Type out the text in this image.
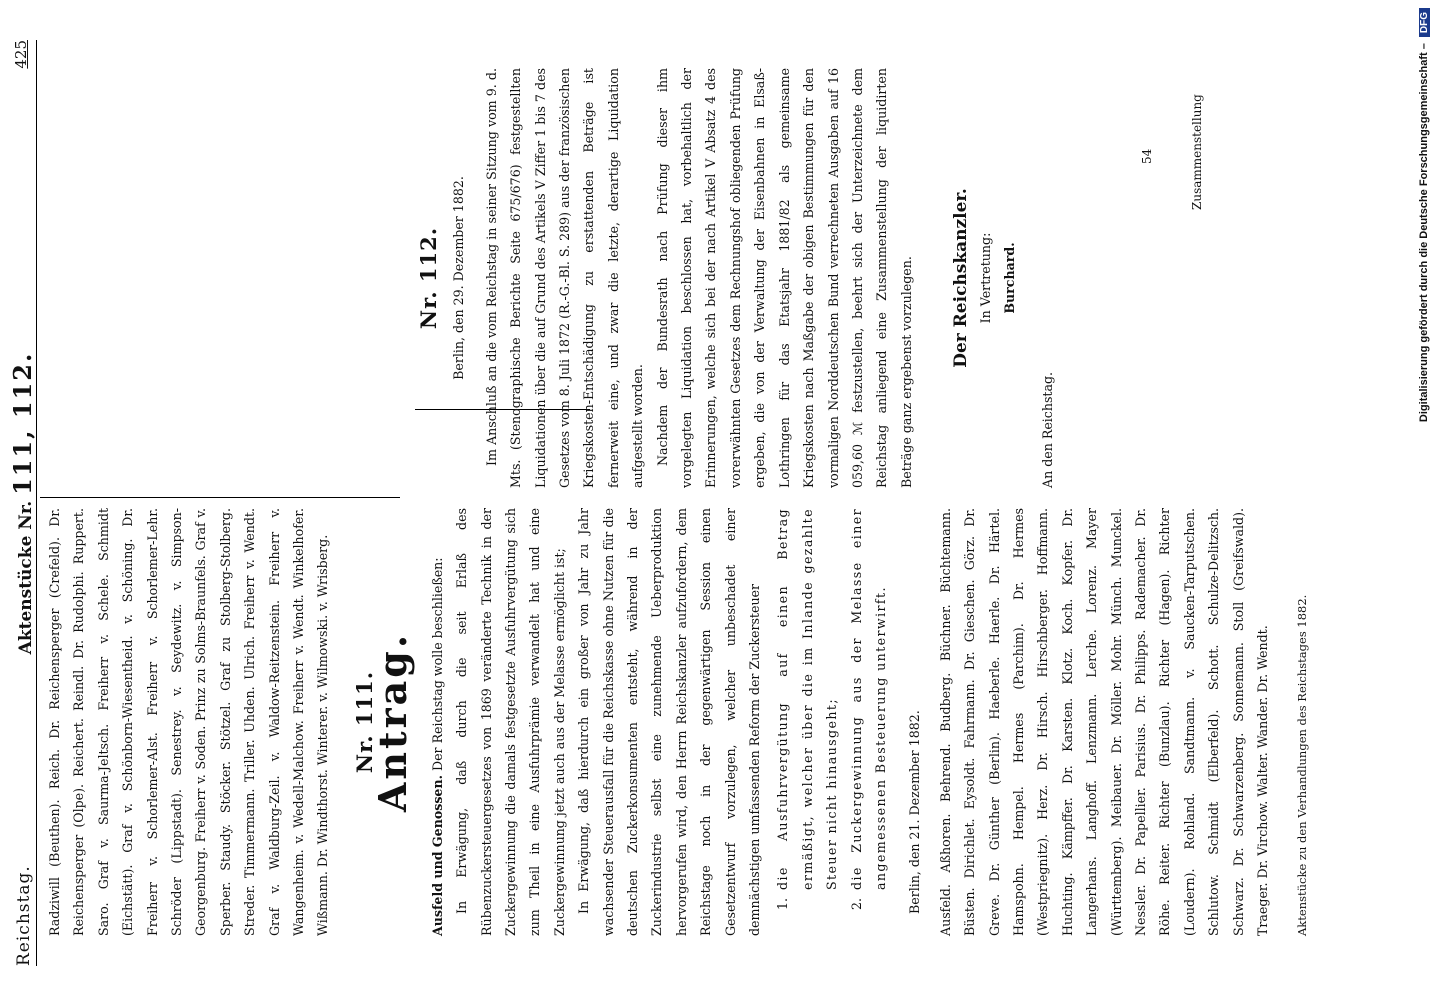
Reichstag.
Aktenstücke Nr. 111, 112.
425

Radziwill (Beuthen). Reich. Dr. Reichensperger (Crefeld). Dr. Reichensperger (Olpe). Reichert. Reindl. Dr. Rudolphi. Ruppert. Saro. Graf v. Saurma-Jeltsch. Freiherr v. Schele. Schmidt (Eichstätt). Graf v. Schönborn-Wiesentheid. v. Schöning. Dr. Freiherr v. Schorlemer-Alst. Freiherr v. Schorlemer-Lehr. Schröder (Lippstadt). Senestrey. v. Seydewitz. v. Simpson-Georgenburg. Freiherr v. Soden. Prinz zu Solms-Braunfels. Graf v. Sperber. Staudy. Stöcker. Stötzel. Graf zu Stolberg-Stolberg. Streder. Timmermann. Triller. Uhden. Ulrich. Freiherr v. Wendt. Graf v. Waldburg-Zeil. v. Waldow-Reitzenstein. Freiherr v. Wangenheim. v. Wedell-Malchow. Freiherr v. Wendt. Winkelhofer. Wißmann. Dr. Windthorst. Winterer. v. Wilmowski. v. Wrisberg. Nr. 111.
Antrag.

Ausfeld und Genossen. Der Reichstag wolle beschließen: In Erwägung, daß durch die seit Erlaß des Rübenzuckersteuergesetzes von 1869 veränderte Technik in der Zuckergewinnung die damals festgesetzte Ausfuhrvergütung sich zum Theil in eine Ausfuhrprämie verwandelt hat und eine Zuckergewinnung jetzt auch aus der Melasse ermöglicht ist; In Erwägung, daß hierdurch ein großer von Jahr zu Jahr wachsender Steuerausfall für die Reichskasse ohne Nutzen für die deutschen Zuckerkonsumenten entsteht, während in der Zuckerindustrie selbst eine zunehmende Ueberproduktion hervorgerufen wird, den Herrn Reichskanzler aufzufordern, dem Reichstage noch in der gegenwärtigen Session einen Gesetzentwurf vorzulegen, welcher unbeschadet einer demnächstigen umfassenden Reform der Zuckersteuer	1.
die Ausfuhrvergütung auf einen Betrag ermäßigt, welcher über die im Inlande gezahlte Steuer nicht hinausgeht;
2.
die Zuckergewinnung aus der Melasse einer angemessenen Besteuerung unterwirft.	Berlin, den 21. Dezember 1882.	Ausfeld. Aßhoren. Behrend. Budberg. Büchner. Büchtemann. Büsten. Dirichlet. Eysoldt. Fahrmann. Dr. Gieschen. Görz. Dr. Greve. Dr. Günther (Berlin). Haeberle. Haerle. Dr. Härtel. Hamspohn. Hempel. Hermes (Parchim). Dr. Hermes (Westpriegnitz). Herz. Dr. Hirsch. Hirschberger. Hoffmann. Huchting. Kämpffer. Dr. Karsten. Klotz. Koch. Kopfer. Dr. Langerhans. Langhoff. Lenzmann. Lerche. Lorenz. Mayer (Württemberg). Meibauer. Dr. Möller. Mohr. Münch. Munckel. Nessler. Dr. Papellier. Parisius. Dr. Philipps. Rademacher. Dr. Röhe. Reiter. Richter (Bunzlau). Richter (Hagen). Richter (Loudern). Rohland. Sandtmann. v. Saucken-Tarputschen. Schlutow. Schmidt (Elberfeld). Schott. Schulze-Delitzsch. Schwarz. Dr. Schwarzenberg. Sonnemann. Stoll (Greifswald). Traeger. Dr. Virchow. Walter. Wander. Dr. Wendt.	Aktenstücke zu den Verhandlungen des Reichstages 1882.

Nr. 112. Berlin, den 29. Dezember 1882.	Im Anschluß an die vom Reichstag in seiner Sitzung vom 9. d. Mts. (Stenographische Berichte Seite 675/676) festgestellten Liquidationen über die auf Grund des Artikels V Ziffer 1 bis 7 des Gesetzes vom 8. Juli 1872 (R.-G.-Bl. S. 289) aus der französischen Kriegskosten-Entschädigung zu erstattenden Beträge ist fernerweit eine, und zwar die letzte, derartige Liquidation aufgestellt worden. Nachdem der Bundesrath nach Prüfung dieser ihm vorgelegten Liquidation beschlossen hat, vorbehaltlich der Erinnerungen, welche sich bei der nach Artikel V Absatz 4 des vorerwähnten Gesetzes dem Rechnungshof obliegenden Prüfung ergeben, die von der Verwaltung der Eisenbahnen in Elsaß-Lothringen für das Etatsjahr 1881/82 als gemeinsame Kriegskosten nach Maßgabe der obigen Bestimmungen für den vormaligen Norddeutschen Bund verrechneten Ausgaben auf 16 059,60 ℳ festzustellen, beehrt sich der Unterzeichnete dem Reichstag anliegend eine Zusammenstellung der liquidirten Beträge ganz ergebenst vorzulegen.	Der Reichskanzler. In Vertretung: Burchard.

An den Reichstag.

Zusammenstellung
54	Digitalisierung gefördert durch die Deutsche Forschungsgemeinschaft –
DFG
